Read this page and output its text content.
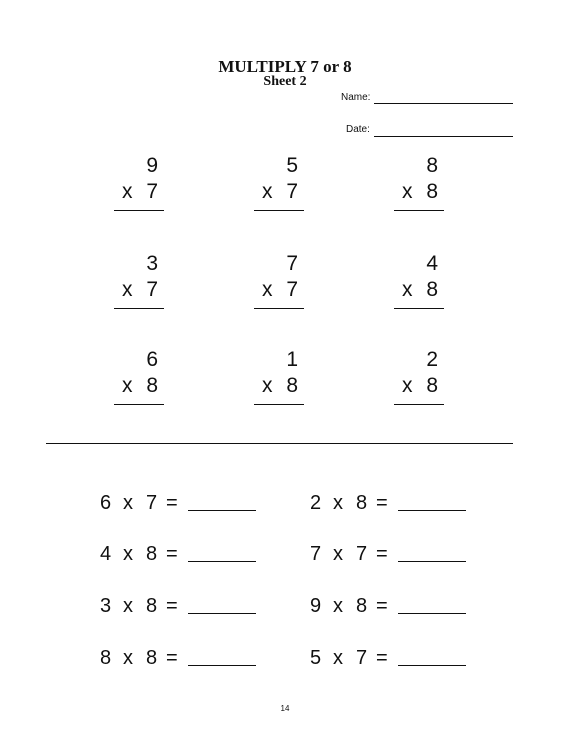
MULTIPLY 7 or 8
Sheet 2
Name:
Date:
9
x 7
5
x 7
8
x 8
3
x 7
7
x 7
4
x 8
6
x 8
1
x 8
2
x 8
6 x 7 =	2 x 8 =
4 x 8 =	7 x 7 =
3 x 8 =	9 x 8 =
8 x 8 =	5 x 7 =
14
